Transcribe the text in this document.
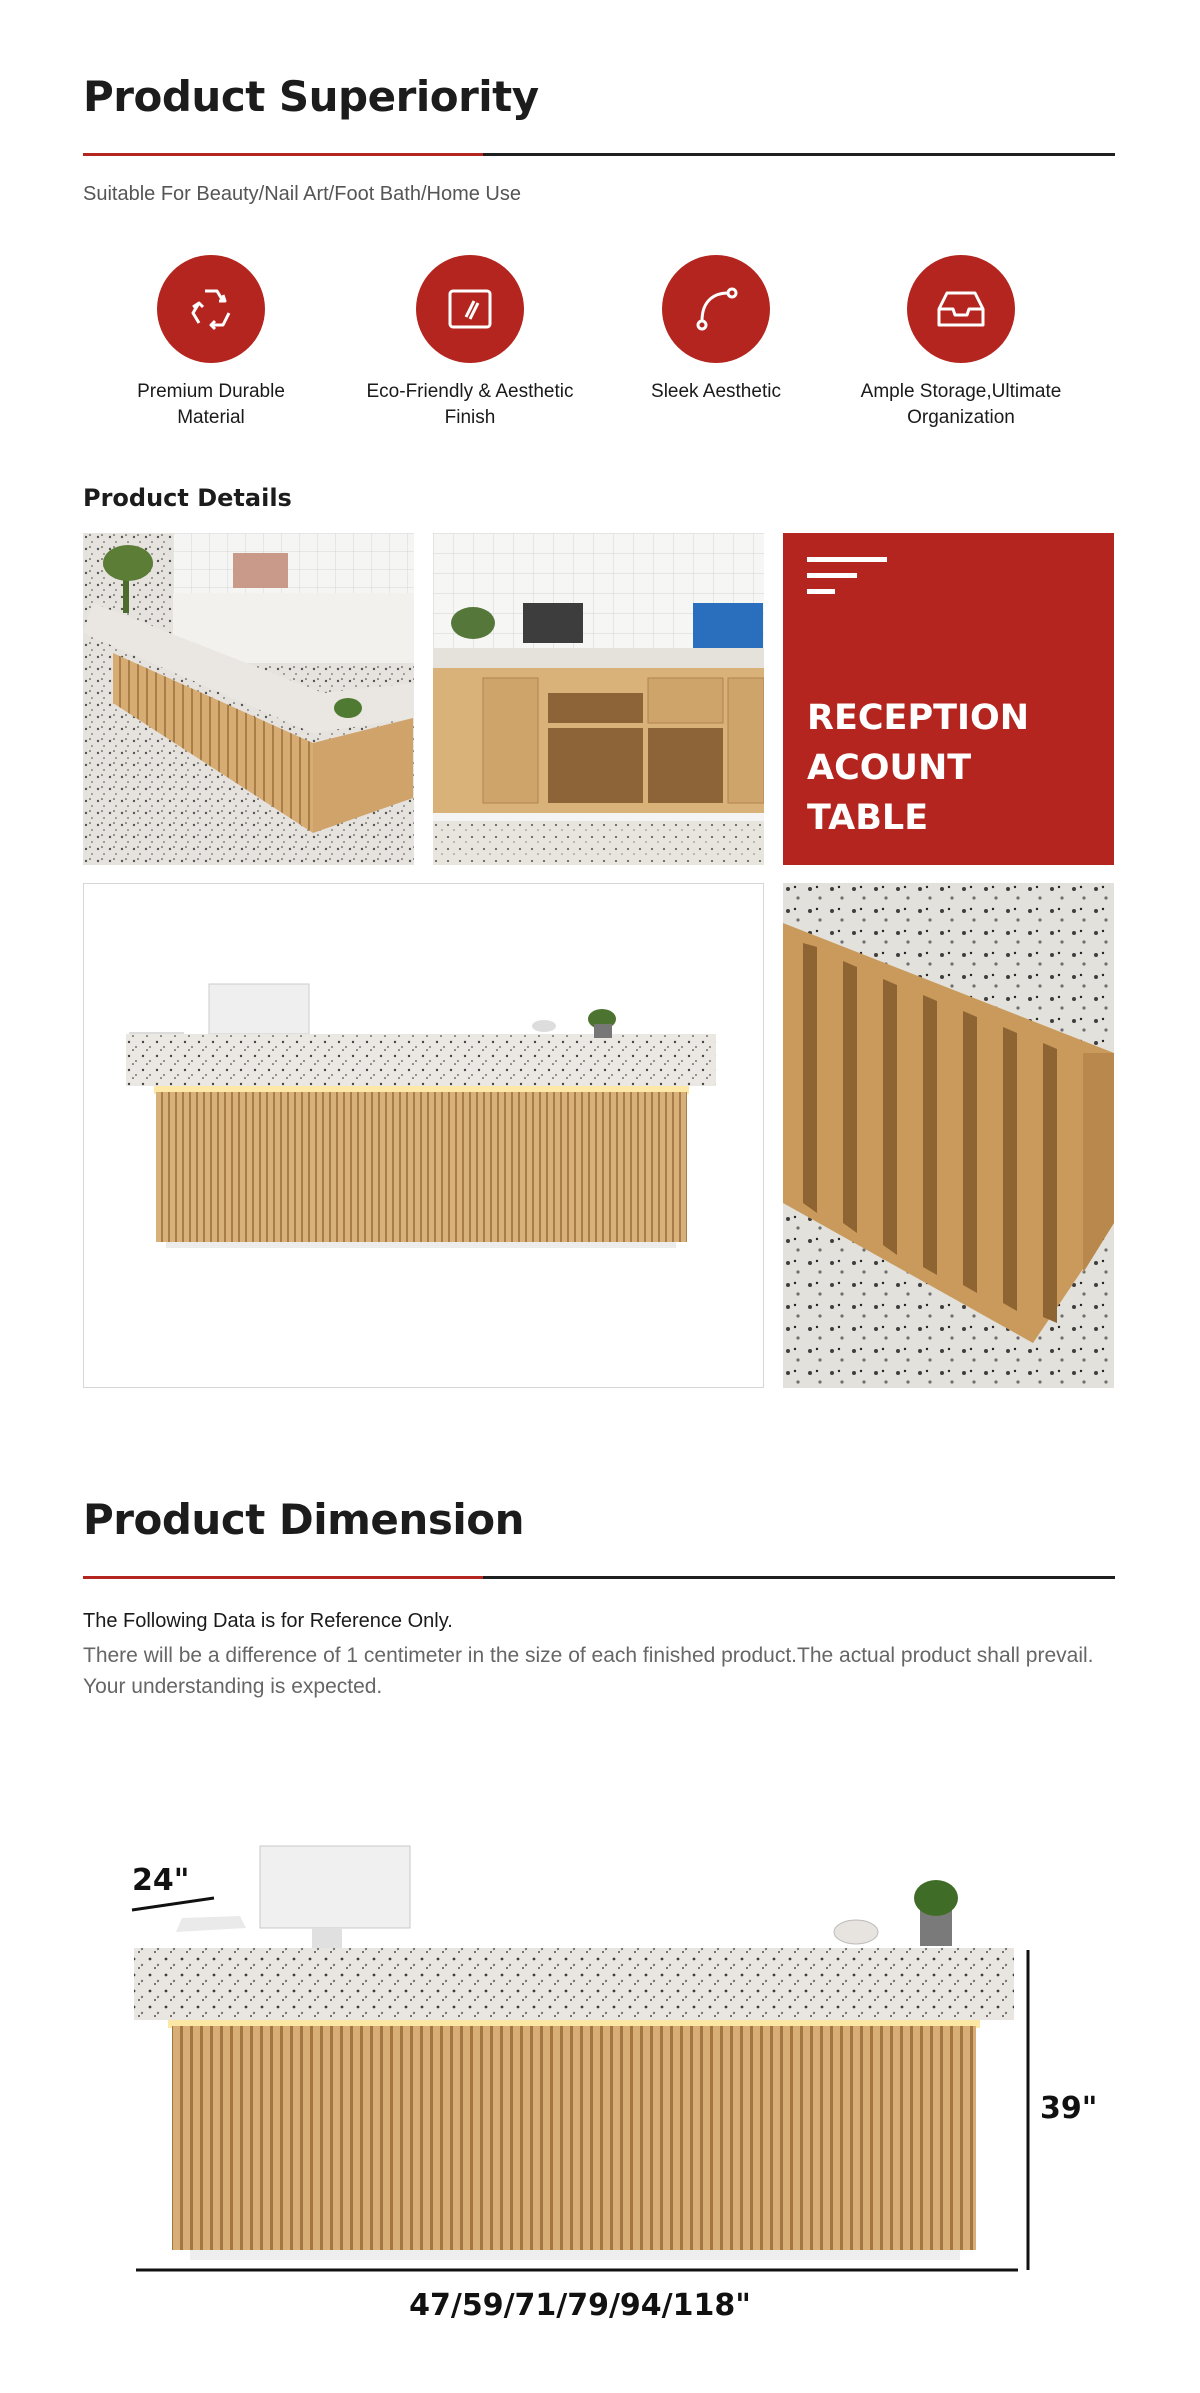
Product Superiority
Suitable For Beauty/Nail Art/Foot Bath/Home Use
Premium Durable Material
Eco-Friendly & Aesthetic Finish
Sleek Aesthetic	Ample Storage,Ultimate Organization
Product Details
RECEPTION
ACOUNT
TABLE
Product Dimension
The Following Data is for Reference Only.
There will be a difference of 1 centimeter in the size of each finished product.The actual product shall prevail. Your understanding is expected.
24"
39"
47/59/71/79/94/118"
